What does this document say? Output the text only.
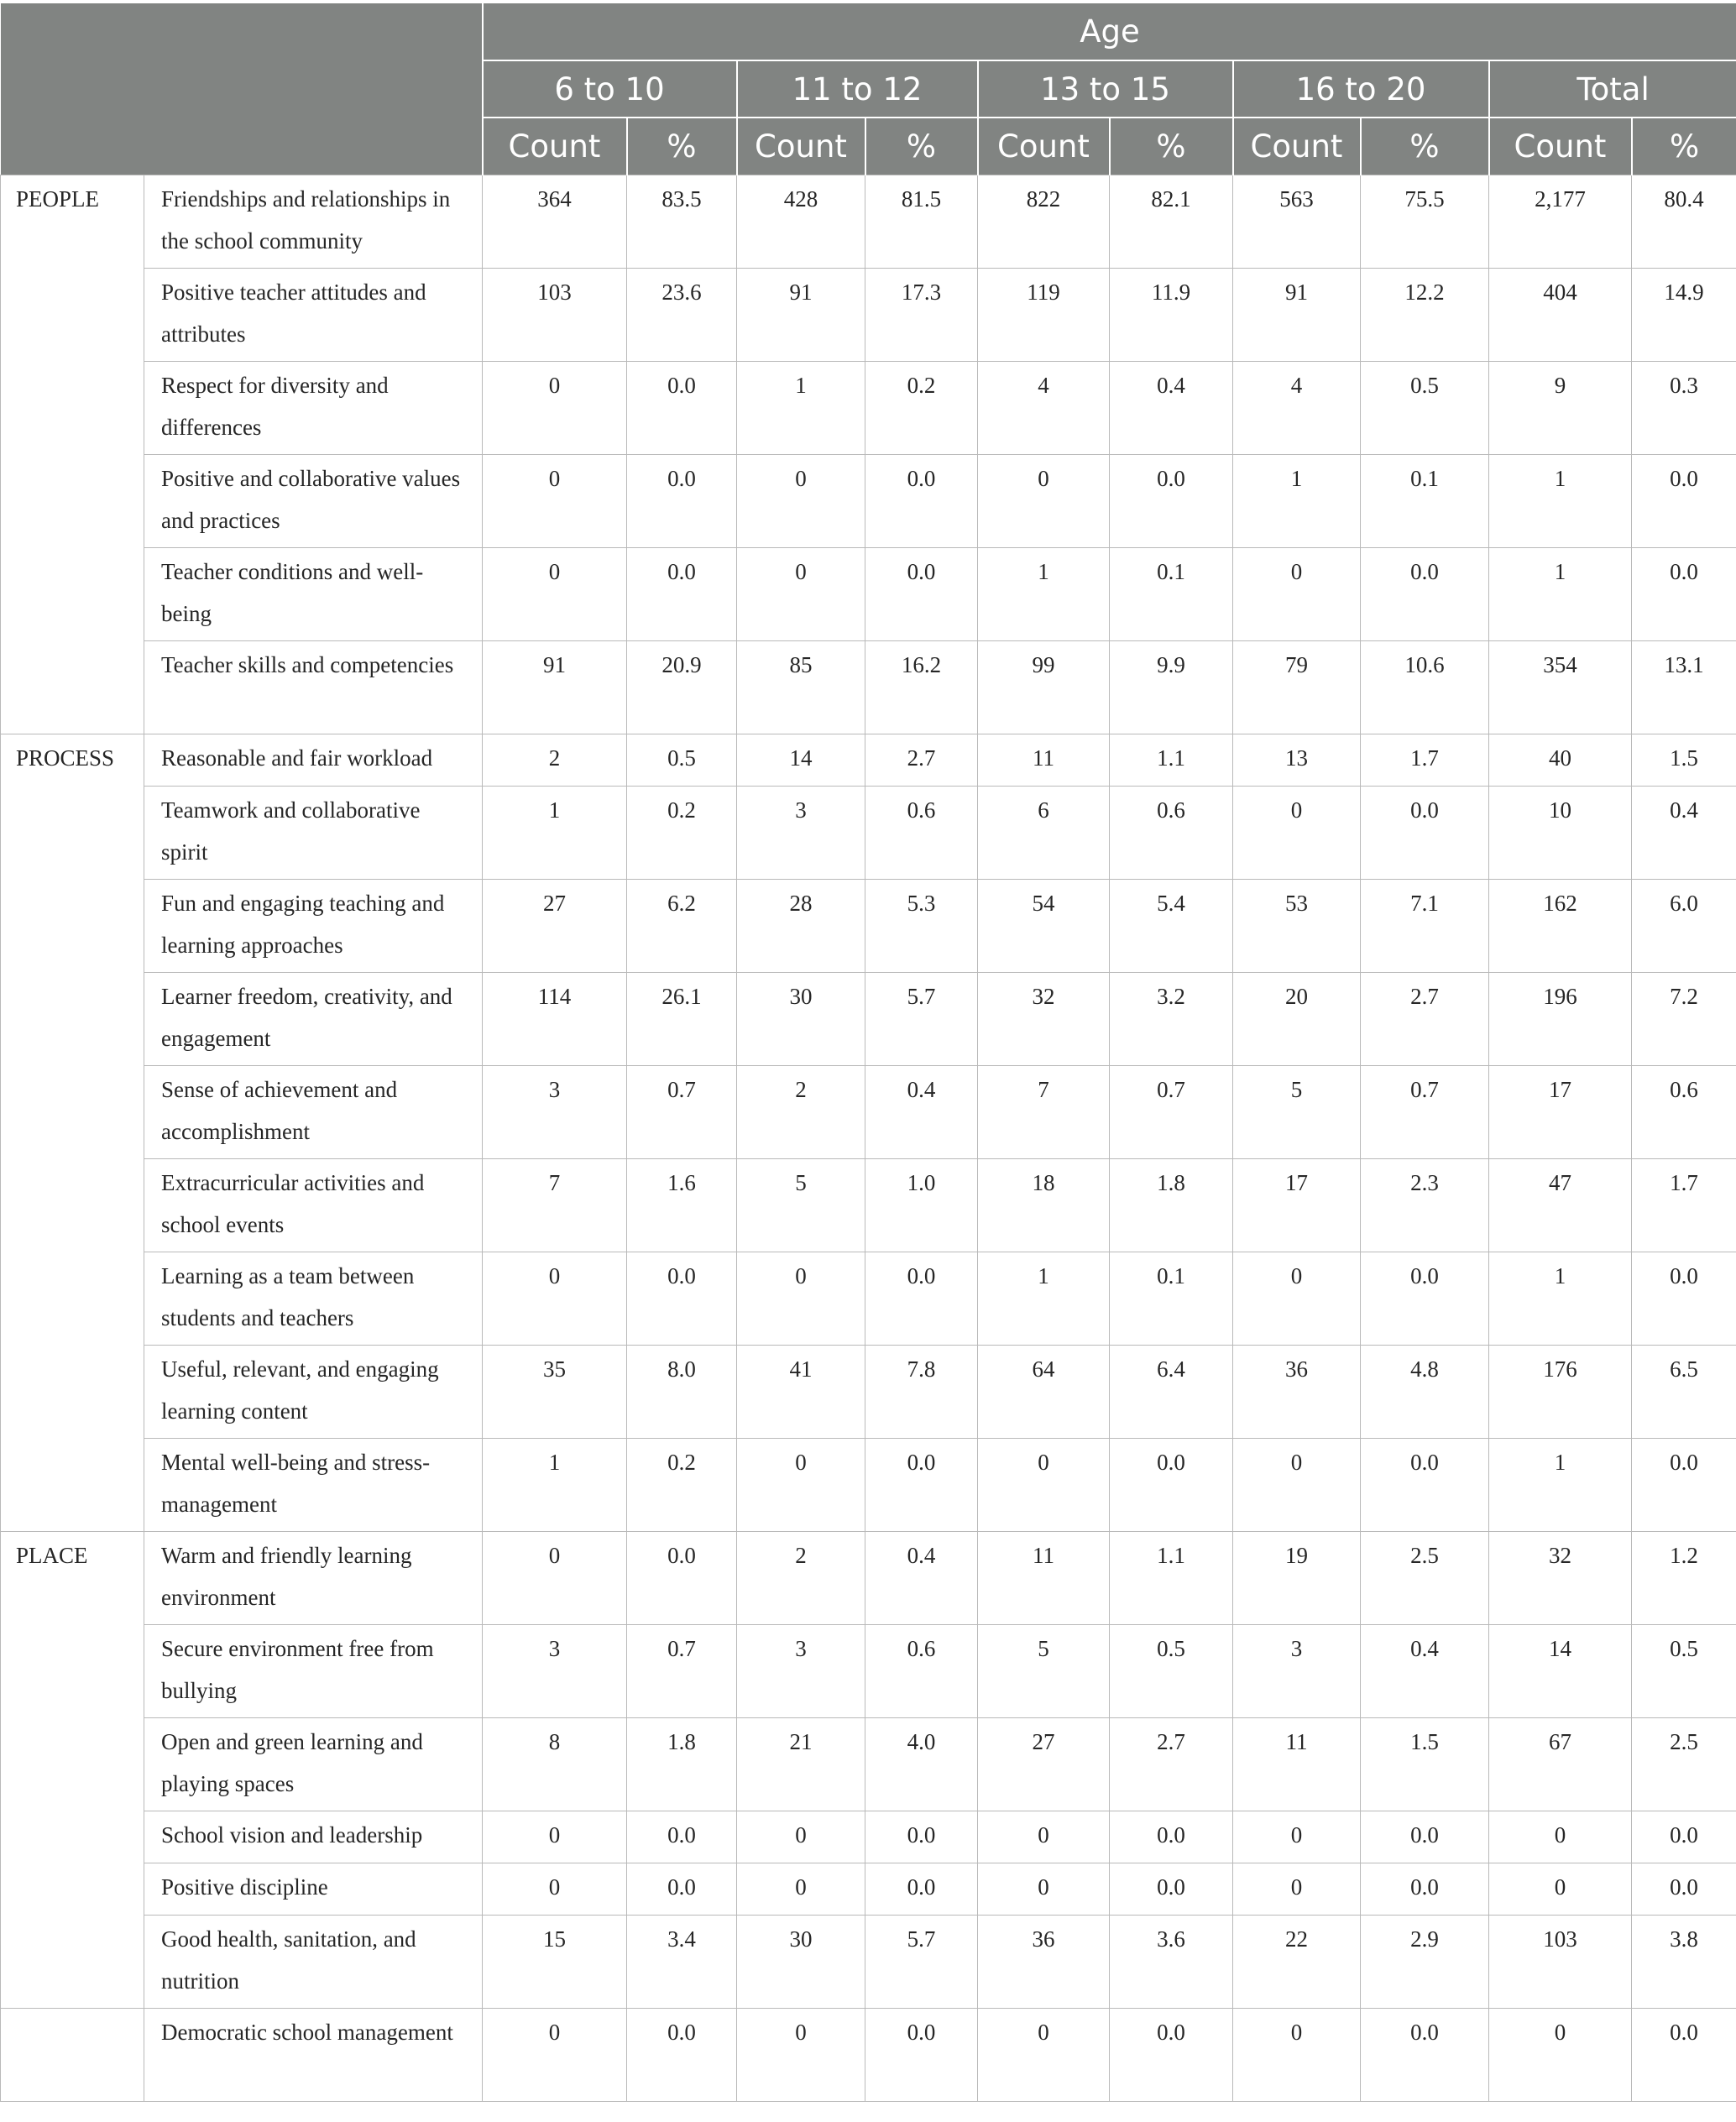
		Age									
		6 to 10		11 to 12		13 to 15		16 to 20		Total	
		Count	%	Count	%	Count	%	Count	%	Count	%
PEOPLE	Friendships and relationships in the school community	364	83.5	428	81.5	822	82.1	563	75.5	2,177	80.4
	Positive teacher attitudes and attributes	103	23.6	91	17.3	119	11.9	91	12.2	404	14.9
	Respect for diversity and differences	0	0.0	1	0.2	4	0.4	4	0.5	9	0.3
	Positive and collaborative values and practices	0	0.0	0	0.0	0	0.0	1	0.1	1	0.0
	Teacher conditions and well-being	0	0.0	0	0.0	1	0.1	0	0.0	1	0.0
	Teacher skills and competencies	91	20.9	85	16.2	99	9.9	79	10.6	354	13.1
PROCESS	Reasonable and fair workload	2	0.5	14	2.7	11	1.1	13	1.7	40	1.5
	Teamwork and collaborative spirit	1	0.2	3	0.6	6	0.6	0	0.0	10	0.4
	Fun and engaging teaching and learning approaches	27	6.2	28	5.3	54	5.4	53	7.1	162	6.0
	Learner freedom, creativity, and engagement	114	26.1	30	5.7	32	3.2	20	2.7	196	7.2
	Sense of achievement and accomplishment	3	0.7	2	0.4	7	0.7	5	0.7	17	0.6
	Extracurricular activities and school events	7	1.6	5	1.0	18	1.8	17	2.3	47	1.7
	Learning as a team between students and teachers	0	0.0	0	0.0	1	0.1	0	0.0	1	0.0
	Useful, relevant, and engaging learning content	35	8.0	41	7.8	64	6.4	36	4.8	176	6.5
	Mental well-being and stress-management	1	0.2	0	0.0	0	0.0	0	0.0	1	0.0
PLACE	Warm and friendly learning environment	0	0.0	2	0.4	11	1.1	19	2.5	32	1.2
	Secure environment free from bullying	3	0.7	3	0.6	5	0.5	3	0.4	14	0.5
	Open and green learning and playing spaces	8	1.8	21	4.0	27	2.7	11	1.5	67	2.5
	School vision and leadership	0	0.0	0	0.0	0	0.0	0	0.0	0	0.0
	Positive discipline	0	0.0	0	0.0	0	0.0	0	0.0	0	0.0
	Good health, sanitation, and nutrition	15	3.4	30	5.7	36	3.6	22	2.9	103	3.8
	Democratic school management	0	0.0	0	0.0	0	0.0	0	0.0	0	0.0
